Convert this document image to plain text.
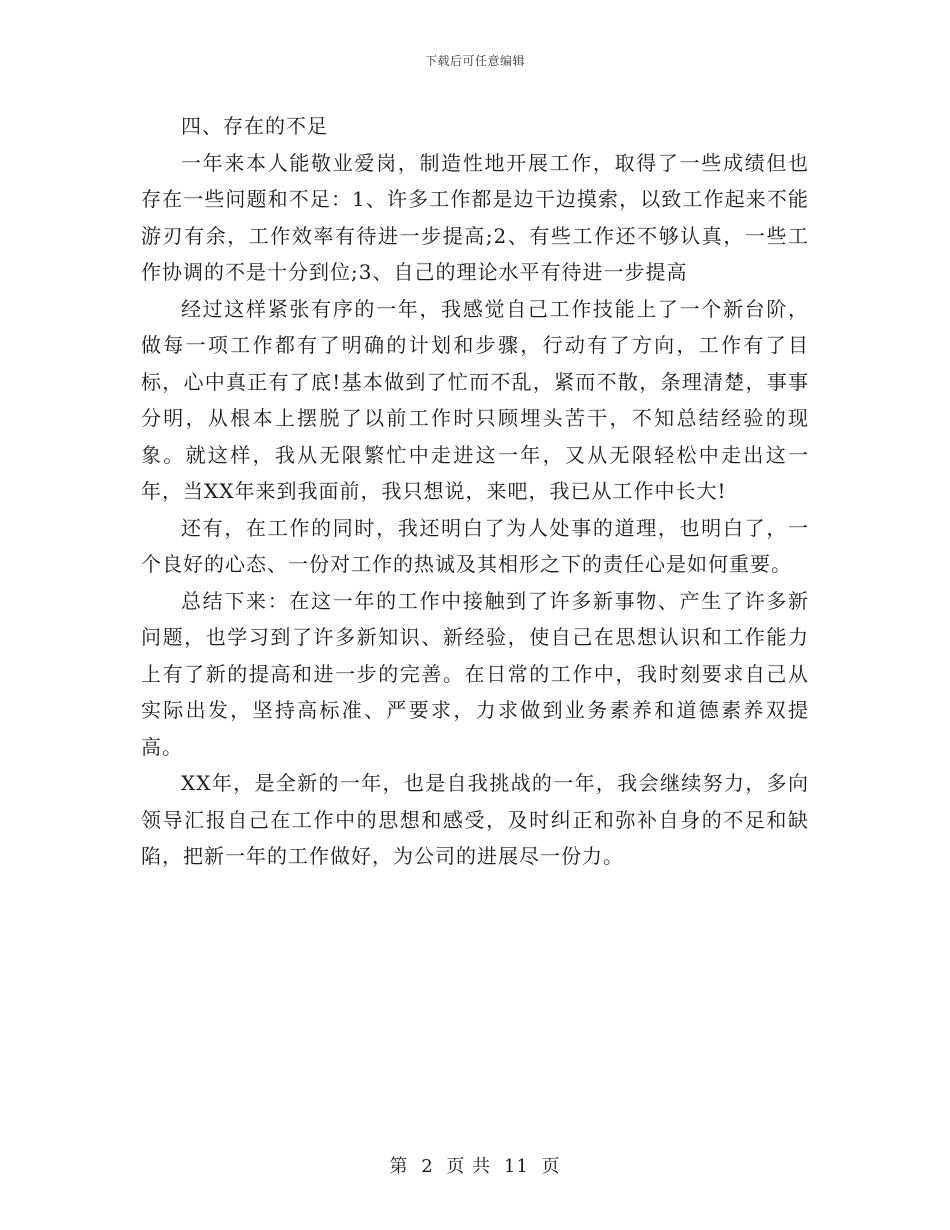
下载后可任意编辑

四、存在的不足

一年来本人能敬业爱岗，制造性地开展工作，取得了一些成绩但也存在一些问题和不足：1、许多工作都是边干边摸索，以致工作起来不能游刃有余，工作效率有待进一步提高;2、有些工作还不够认真，一些工作协调的不是十分到位;3、自己的理论水平有待进一步提高

经过这样紧张有序的一年，我感觉自己工作技能上了一个新台阶，做每一项工作都有了明确的计划和步骤，行动有了方向，工作有了目标，心中真正有了底!基本做到了忙而不乱，紧而不散，条理清楚，事事分明，从根本上摆脱了以前工作时只顾埋头苦干，不知总结经验的现象。就这样，我从无限繁忙中走进这一年，又从无限轻松中走出这一年，当XX年来到我面前，我只想说，来吧，我已从工作中长大!

还有，在工作的同时，我还明白了为人处事的道理，也明白了，一个良好的心态、一份对工作的热诚及其相形之下的责任心是如何重要。

总结下来：在这一年的工作中接触到了许多新事物、产生了许多新问题，也学习到了许多新知识、新经验，使自己在思想认识和工作能力上有了新的提高和进一步的完善。在日常的工作中，我时刻要求自己从实际出发，坚持高标准、严要求，力求做到业务素养和道德素养双提高。

XX年，是全新的一年，也是自我挑战的一年，我会继续努力，多向领导汇报自己在工作中的思想和感受，及时纠正和弥补自身的不足和缺陷，把新一年的工作做好，为公司的进展尽一份力。

第 2 页 共 11 页
